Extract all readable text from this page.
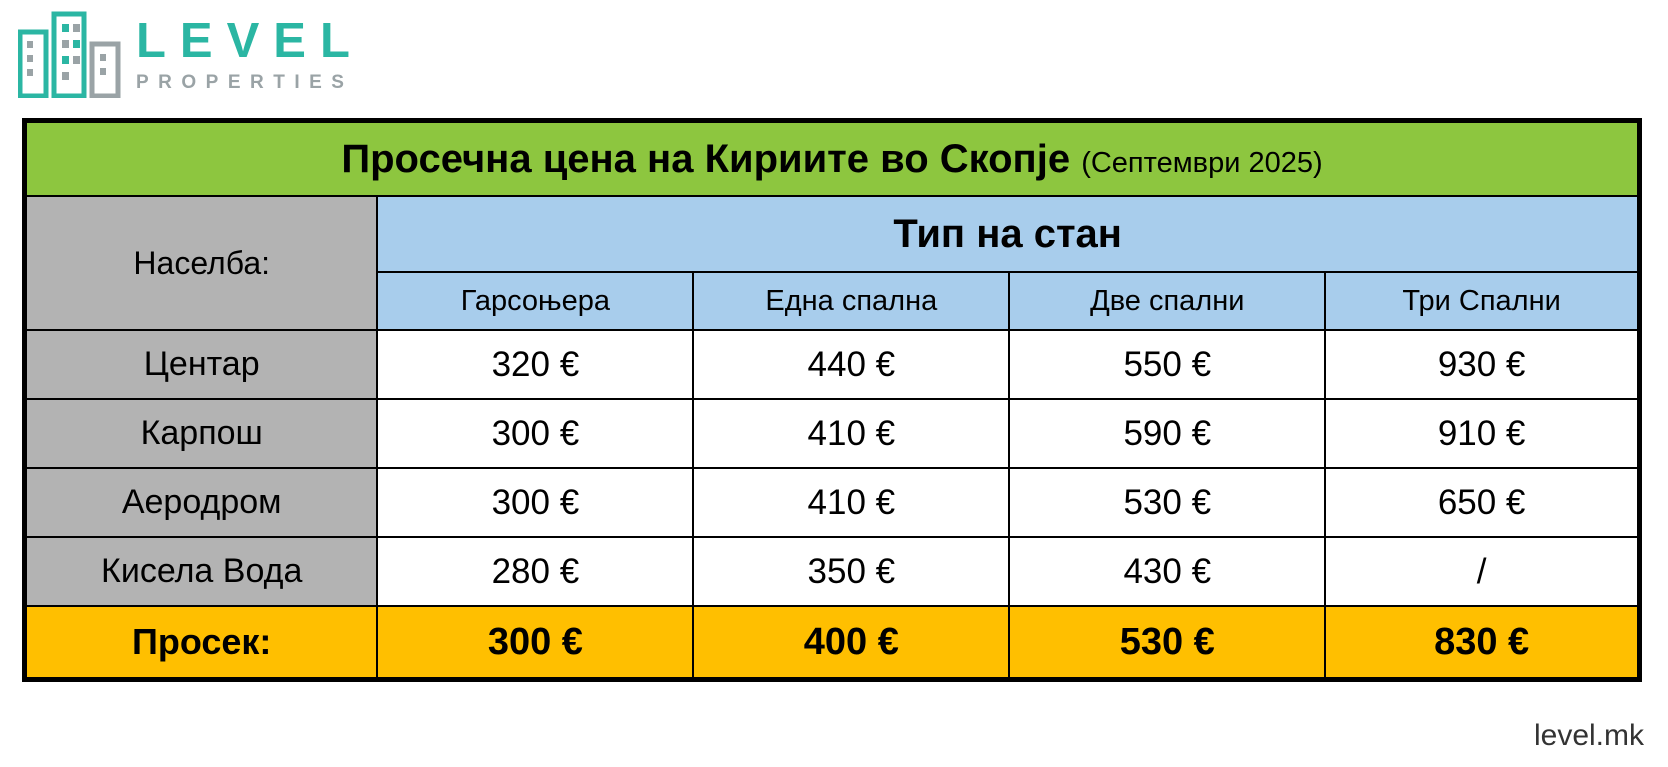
LEVEL
PROPERTIES
Просечна цена на Кириите во Скопје (Септември 2025)				
Населба:	Тип на стан			
	Гарсоњера	Една спална	Две спални	Три Спални
Центар	320 €	440 €	550 €	930 €
Карпош	300 €	410 €	590 €	910 €
Аеродром	300 €	410 €	530 €	650 €
Кисела Вода	280 €	350 €	430 €	/
Просек:	300 €	400 €	530 €	830 €
level.mk
